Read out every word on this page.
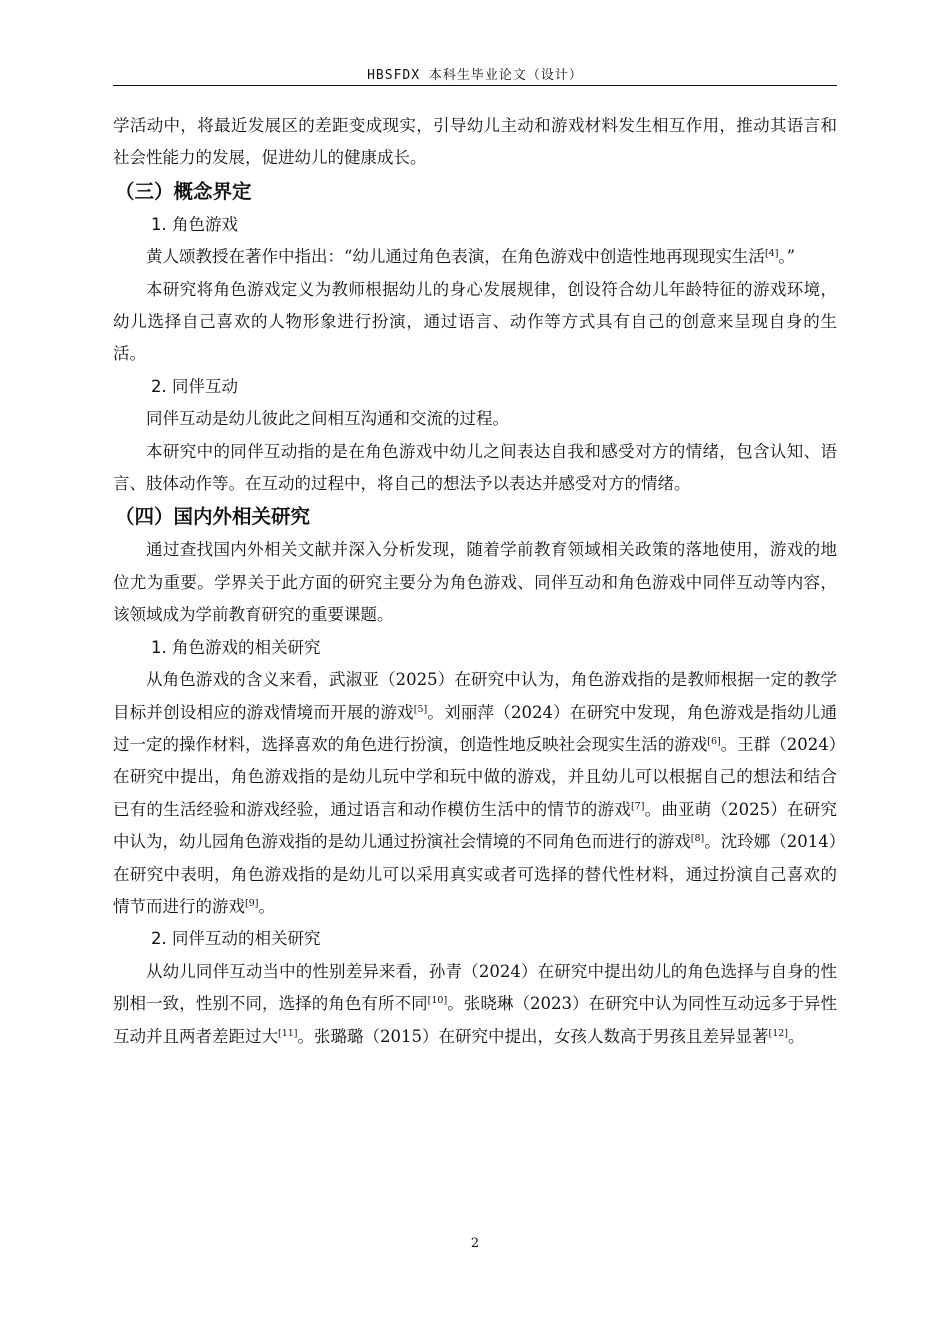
HBSFDX 本科生毕业论文（设计）

学活动中，将最近发展区的差距变成现实，引导幼儿主动和游戏材料发生相互作用，推动其语言和社会性能力的发展，促进幼儿的健康成长。

（三）概念界定
1. 角色游戏

黄人颂教授在著作中指出：“幼儿通过角色表演，在角色游戏中创造性地再现现实生活[4]。”

本研究将角色游戏定义为教师根据幼儿的身心发展规律，创设符合幼儿年龄特征的游戏环境，幼儿选择自己喜欢的人物形象进行扮演，通过语言、动作等方式具有自己的创意来呈现自身的生活。

2. 同伴互动

同伴互动是幼儿彼此之间相互沟通和交流的过程。

本研究中的同伴互动指的是在角色游戏中幼儿之间表达自我和感受对方的情绪，包含认知、语言、肢体动作等。在互动的过程中，将自己的想法予以表达并感受对方的情绪。

（四）国内外相关研究

通过查找国内外相关文献并深入分析发现，随着学前教育领域相关政策的落地使用，游戏的地位尤为重要。学界关于此方面的研究主要分为角色游戏、同伴互动和角色游戏中同伴互动等内容，该领域成为学前教育研究的重要课题。

1. 角色游戏的相关研究

从角色游戏的含义来看，武淑亚（2025）在研究中认为，角色游戏指的是教师根据一定的教学目标并创设相应的游戏情境而开展的游戏[5]。刘丽萍（2024）在研究中发现，角色游戏是指幼儿通过一定的操作材料，选择喜欢的角色进行扮演，创造性地反映社会现实生活的游戏[6]。王群（2024）在研究中提出，角色游戏指的是幼儿玩中学和玩中做的游戏，并且幼儿可以根据自己的想法和结合已有的生活经验和游戏经验，通过语言和动作模仿生活中的情节的游戏[7]。曲亚萌（2025）在研究中认为，幼儿园角色游戏指的是幼儿通过扮演社会情境的不同角色而进行的游戏[8]。沈玲娜（2014）在研究中表明，角色游戏指的是幼儿可以采用真实或者可选择的替代性材料，通过扮演自己喜欢的情节而进行的游戏[9]。

2. 同伴互动的相关研究

从幼儿同伴互动当中的性别差异来看，孙青（2024）在研究中提出幼儿的角色选择与自身的性别相一致，性别不同，选择的角色有所不同[10]。张晓琳（2023）在研究中认为同性互动远多于异性互动并且两者差距过大[11]。张璐璐（2015）在研究中提出，女孩人数高于男孩且差异显著[12]。

2
